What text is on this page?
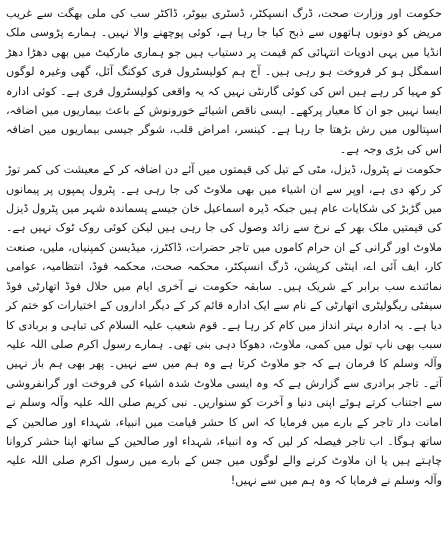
حکومت اور وزارت صحت، ڈرگ انسپکٹر، ڈسٹری بیوٹر، ڈاکٹر سب کی ملی بھگت سے غریب مریض کو دونوں ہاتھوں سے ذبح کیا جا رہا ہے، کوئی پوچھنے والا نہیں۔ ہمارے پڑوسی ملک انڈیا میں یہی ادویات انتہائی کم قیمت پر دستیاب ہیں جو ہماری مارکیٹ میں بھی دھڑا دھڑ اسمگل ہو کر فروخت ہو رہی ہیں۔ آج ہم کولیسٹرول فری کوکنگ آئل، گھی وغیرہ لوگوں کو مہیا کر رہے ہیں اس کی کوئی گارنٹی نہیں کہ یہ واقعی کولیسٹرول فری ہے۔ کوئی ادارہ ایسا نہیں جو ان کا معیار پرکھے۔ ایسی ناقص اشیائے خورونوش کے باعث بیماریوں میں اضافہ، اسپتالوں میں رش بڑھتا جا رہا ہے۔ کینسر، امراض قلب، شوگر جیسی بیماریوں میں اضافہ اس کی بڑی وجہ ہے۔

حکومت نے پٹرول، ڈیزل، مٹی کے تیل کی قیمتوں میں آئے دن اضافہ کر کے معیشت کی کمر توڑ کر رکھ دی ہے، اوپر سے ان اشیاء میں بھی ملاوٹ کی جا رہی ہے۔ پٹرول پمپوں پر پیمانوں میں گڑبڑ کی شکایات عام ہیں جبکہ ڈیرہ اسماعیل خان جیسے پسماندہ شہر میں پٹرول ڈیزل کی قیمتیں ملک بھر کے نرخ سے زائد وصول کی جا رہی ہیں لیکن کوئی روک ٹوک نہیں ہے۔ ملاوٹ اور گرانی کے ان حرام کاموں میں تاجر حضرات، ڈاکٹرز، میڈیسن کمپنیاں، ملیں، صنعت کار، ایف آئی اے، اینٹی کرپشن، ڈرگ انسپکٹر، محکمہ صحت، محکمہ فوڈ، انتظامیہ، عوامی نمائندے سب برابر کے شریک ہیں۔ سابقہ حکومت نے آخری ایام میں حلال فوڈ اتھارٹی فوڈ سیفٹی ریگولیٹری اتھارٹی کے نام سے ایک ادارہ قائم کر کے دیگر اداروں کے اختیارات کو ختم کر دیا ہے۔ یہ ادارہ بہتر انداز میں کام کر رہا ہے۔ قوم شعیب علیہ السلام کی تباہی و بربادی کا سبب بھی ناپ تول میں کمی، ملاوٹ، دھوکا دہی بنی تھی۔ ہمارے رسول اکرم صلی اللہ علیہ وآلہ وسلم کا فرمان ہے کہ جو ملاوٹ کرتا ہے وہ ہم میں سے نہیں۔ پھر بھی ہم باز نہیں آتے۔ تاجر برادری سے گزارش ہے کہ وہ ایسی ملاوٹ شدہ اشیاء کی فروخت اور گرانفروشی سے اجتناب کرتے ہوئے اپنی دنیا و آخرت کو سنواریں۔ نبی کریم صلی اللہ علیہ وآلہ وسلم نے امانت دار تاجر کے بارے میں فرمایا کہ اس کا حشر قیامت میں انبیاء، شہداء اور صالحین کے ساتھ ہوگا۔ اب تاجر فیصلہ کر لیں کہ وہ انبیاء، شہداء اور صالحین کے ساتھ اپنا حشر کروانا چاہتے ہیں یا ان ملاوٹ کرنے والے لوگوں میں جس کے بارے میں رسول اکرم صلی اللہ علیہ وآلہ وسلم نے فرمایا کہ وہ ہم میں سے نہیں!
